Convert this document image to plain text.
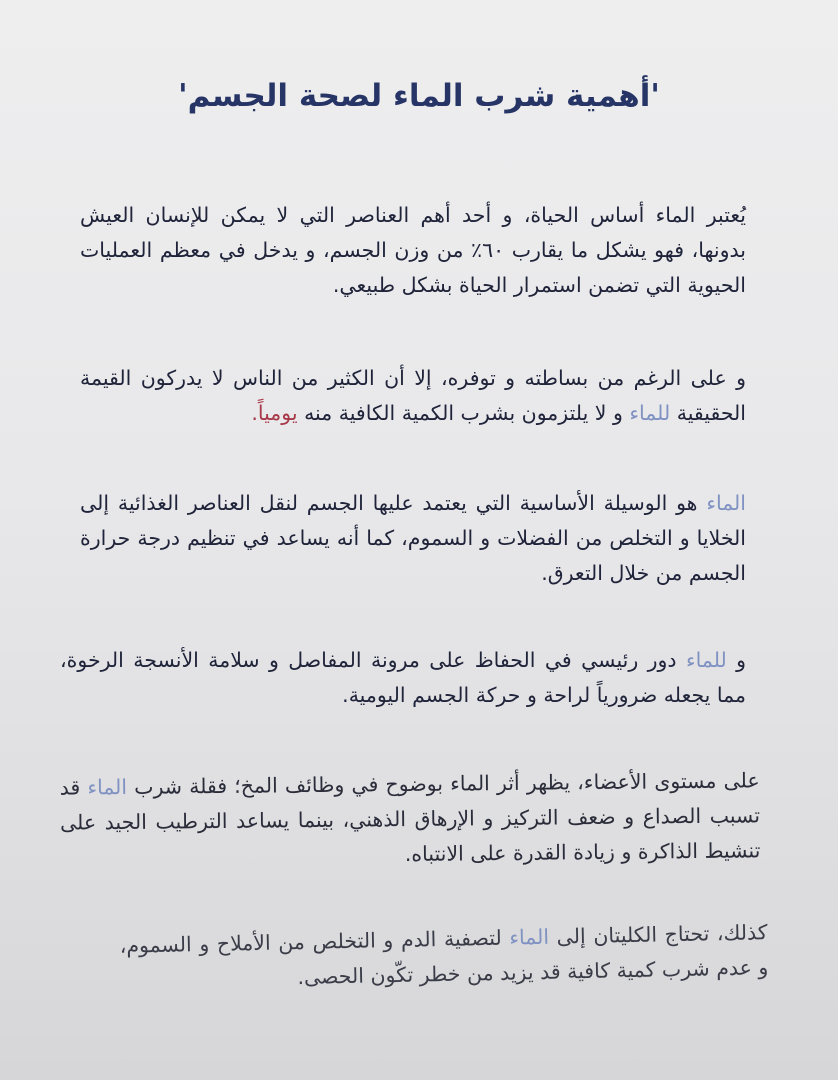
'أهمية شرب الماء لصحة الجسم'

يُعتبر الماء أساس الحياة، و أحد أهم العناصر التي لا يمكن للإنسان العيش بدونها، فهو يشكل ما يقارب ٦٠٪ من وزن الجسم، و يدخل في معظم العمليات الحيوية التي تضمن استمرار الحياة بشكل طبيعي.

و على الرغم من بساطته و توفره، إلا أن الكثير من الناس لا يدركون القيمة الحقيقية للماء و لا يلتزمون بشرب الكمية الكافية منه يومياً.

الماء هو الوسيلة الأساسية التي يعتمد عليها الجسم لنقل العناصر الغذائية إلى الخلايا و التخلص من الفضلات و السموم، كما أنه يساعد في تنظيم درجة حرارة الجسم من خلال التعرق.

و للماء دور رئيسي في الحفاظ على مرونة المفاصل و سلامة الأنسجة الرخوة، مما يجعله ضرورياً لراحة و حركة الجسم اليومية.

على مستوى الأعضاء، يظهر أثر الماء بوضوح في وظائف المخ؛ فقلة شرب الماء قد تسبب الصداع و ضعف التركيز و الإرهاق الذهني، بينما يساعد الترطيب الجيد على تنشيط الذاكرة و زيادة القدرة على الانتباه.

كذلك، تحتاج الكليتان إلى الماء لتصفية الدم و التخلص من الأملاح و السموم، و عدم شرب كمية كافية قد يزيد من خطر تكّون الحصى.
